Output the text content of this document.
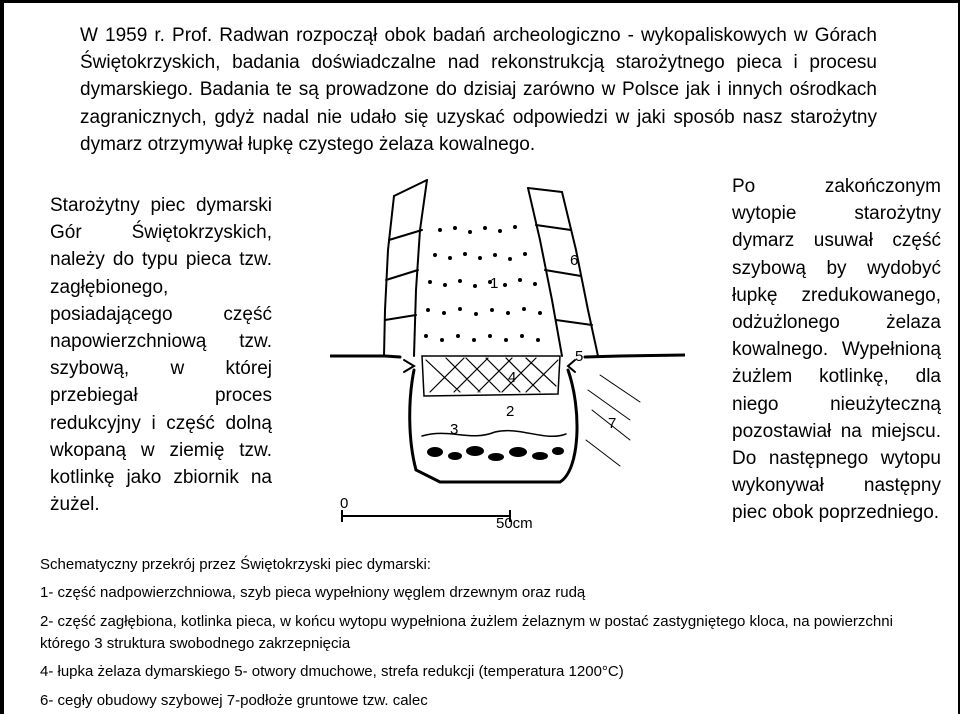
W 1959 r. Prof. Radwan rozpoczął obok badań archeologiczno - wykopaliskowych w Górach Świętokrzyskich, badania doświadczalne nad rekonstrukcją starożytnego pieca i procesu dymarskiego. Badania te są prowadzone do dzisiaj zarówno w Polsce jak i innych ośrodkach zagranicznych, gdyż nadal nie udało się uzyskać odpowiedzi w jaki sposób nasz starożytny dymarz otrzymywał łupkę czystego żelaza kowalnego.

Starożytny piec dymarski Gór Świętokrzyskich, należy do typu pieca tzw. zagłębionego, posiadającego część napowierzchniową tzw. szybową, w której przebiegał proces redukcyjny i część dolną wkopaną w ziemię tzw. kotlinkę jako zbiornik na żużel.

Po zakończonym wytopie starożytny dymarz usuwał część szybową by wydobyć łupkę zredukowanego, odżużlonego żelaza kowalnego. Wypełnioną żużlem kotlinkę, dla niego nieużyteczną pozostawiał na miejscu. Do następnego wytopu wykonywał następny piec obok poprzedniego.

1
2
3
4
5
6
7
0
50cm

Schematyczny przekrój przez Świętokrzyski piec dymarski:

1- część nadpowierzchniowa, szyb pieca wypełniony węglem drzewnym oraz rudą

2- część zagłębiona, kotlinka pieca, w końcu wytopu wypełniona żużlem żelaznym w postać zastygniętego kloca, na powierzchni którego 3 struktura swobodnego zakrzepnięcia

4- łupka żelaza dymarskiego 5- otwory dmuchowe, strefa redukcji (temperatura 1200°C)

6- cegły obudowy szybowej 7-podłoże gruntowe tzw. calec
